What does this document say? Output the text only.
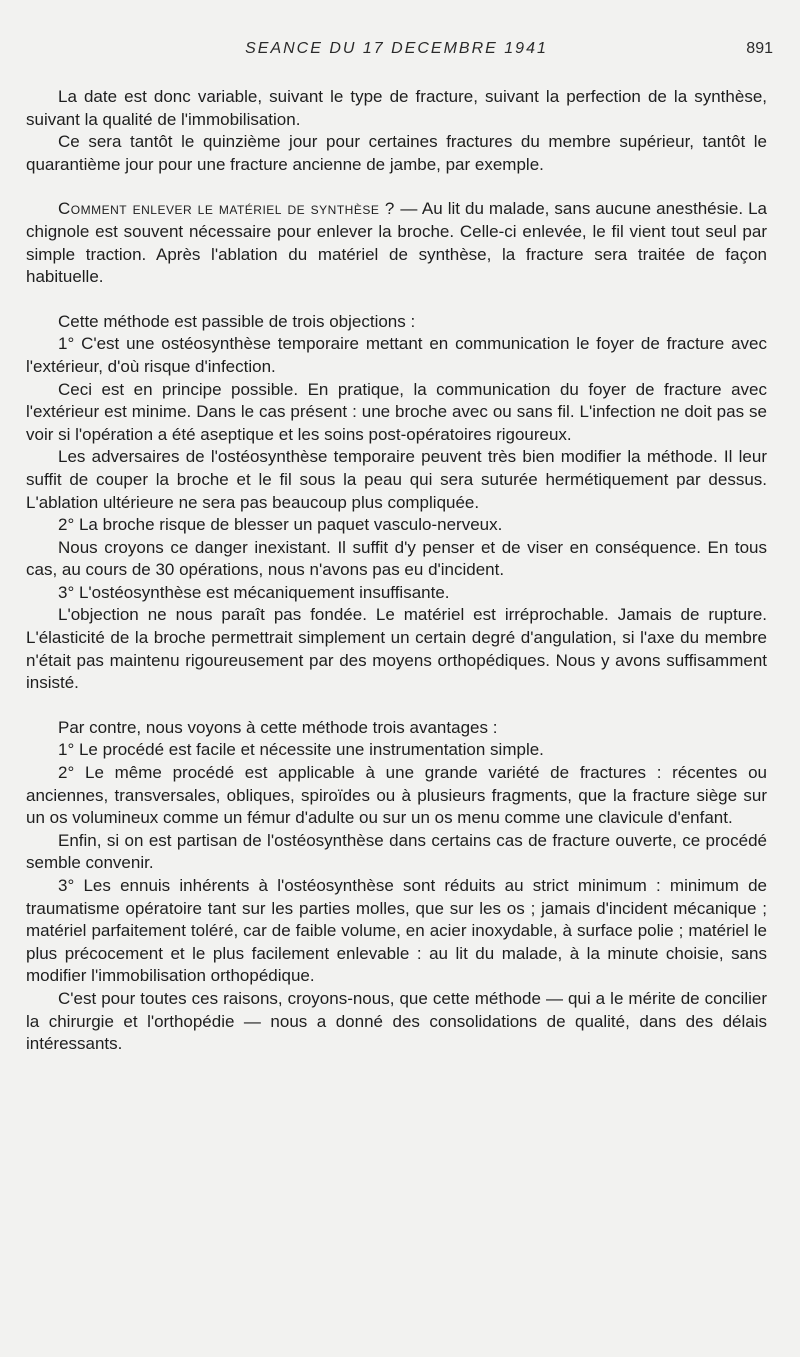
SEANCE DU 17 DECEMBRE 1941	891

La date est donc variable, suivant le type de fracture, suivant la perfection de la synthèse, suivant la qualité de l'immobilisation.

Ce sera tantôt le quinzième jour pour certaines fractures du membre supérieur, tantôt le quarantième jour pour une fracture ancienne de jambe, par exemple.

Comment enlever le matériel de synthèse ? — Au lit du malade, sans aucune anesthésie. La chignole est souvent nécessaire pour enlever la broche. Celle-ci enlevée, le fil vient tout seul par simple traction. Après l'ablation du matériel de synthèse, la fracture sera traitée de façon habituelle.

Cette méthode est passible de trois objections :

1° C'est une ostéosynthèse temporaire mettant en communication le foyer de fracture avec l'extérieur, d'où risque d'infection.

Ceci est en principe possible. En pratique, la communication du foyer de fracture avec l'extérieur est minime. Dans le cas présent : une broche avec ou sans fil. L'infection ne doit pas se voir si l'opération a été aseptique et les soins post-opératoires rigoureux.

Les adversaires de l'ostéosynthèse temporaire peuvent très bien modifier la méthode. Il leur suffit de couper la broche et le fil sous la peau qui sera suturée hermétiquement par dessus. L'ablation ultérieure ne sera pas beaucoup plus compliquée.

2° La broche risque de blesser un paquet vasculo-nerveux.

Nous croyons ce danger inexistant. Il suffit d'y penser et de viser en conséquence. En tous cas, au cours de 30 opérations, nous n'avons pas eu d'incident.

3° L'ostéosynthèse est mécaniquement insuffisante.

L'objection ne nous paraît pas fondée. Le matériel est irréprochable. Jamais de rupture. L'élasticité de la broche permettrait simplement un certain degré d'angulation, si l'axe du membre n'était pas maintenu rigoureusement par des moyens orthopédiques. Nous y avons suffisamment insisté.

Par contre, nous voyons à cette méthode trois avantages :

1° Le procédé est facile et nécessite une instrumentation simple.

2° Le même procédé est applicable à une grande variété de fractures : récentes ou anciennes, transversales, obliques, spiroïdes ou à plusieurs fragments, que la fracture siège sur un os volumineux comme un fémur d'adulte ou sur un os menu comme une clavicule d'enfant.

Enfin, si on est partisan de l'ostéosynthèse dans certains cas de fracture ouverte, ce procédé semble convenir.

3° Les ennuis inhérents à l'ostéosynthèse sont réduits au strict minimum : minimum de traumatisme opératoire tant sur les parties molles, que sur les os ; jamais d'incident mécanique ; matériel parfaitement toléré, car de faible volume, en acier inoxydable, à surface polie ; matériel le plus précocement et le plus facilement enlevable : au lit du malade, à la minute choisie, sans modifier l'immobilisation orthopédique.

C'est pour toutes ces raisons, croyons-nous, que cette méthode — qui a le mérite de concilier la chirurgie et l'orthopédie — nous a donné des consolidations de qualité, dans des délais intéressants.
